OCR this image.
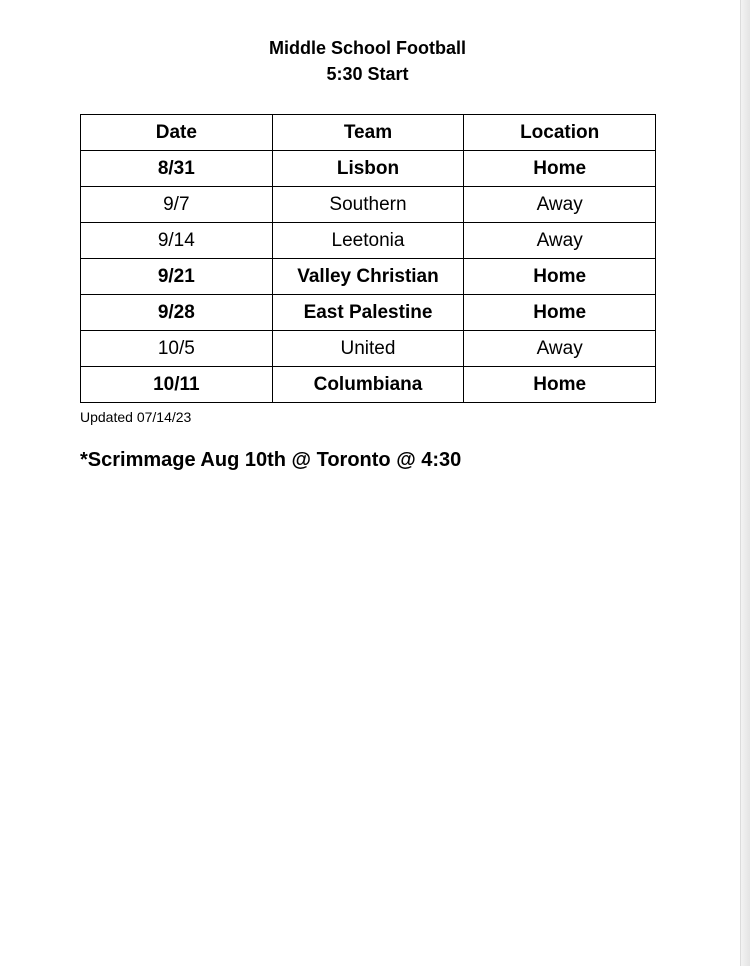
Middle School Football
5:30 Start
Date	Team	Location
8/31	Lisbon	Home
9/7	Southern	Away
9/14	Leetonia	Away
9/21	Valley Christian	Home
9/28	East Palestine	Home
10/5	United	Away
10/11	Columbiana	Home
Updated 07/14/23
*Scrimmage Aug 10th @ Toronto @ 4:30
